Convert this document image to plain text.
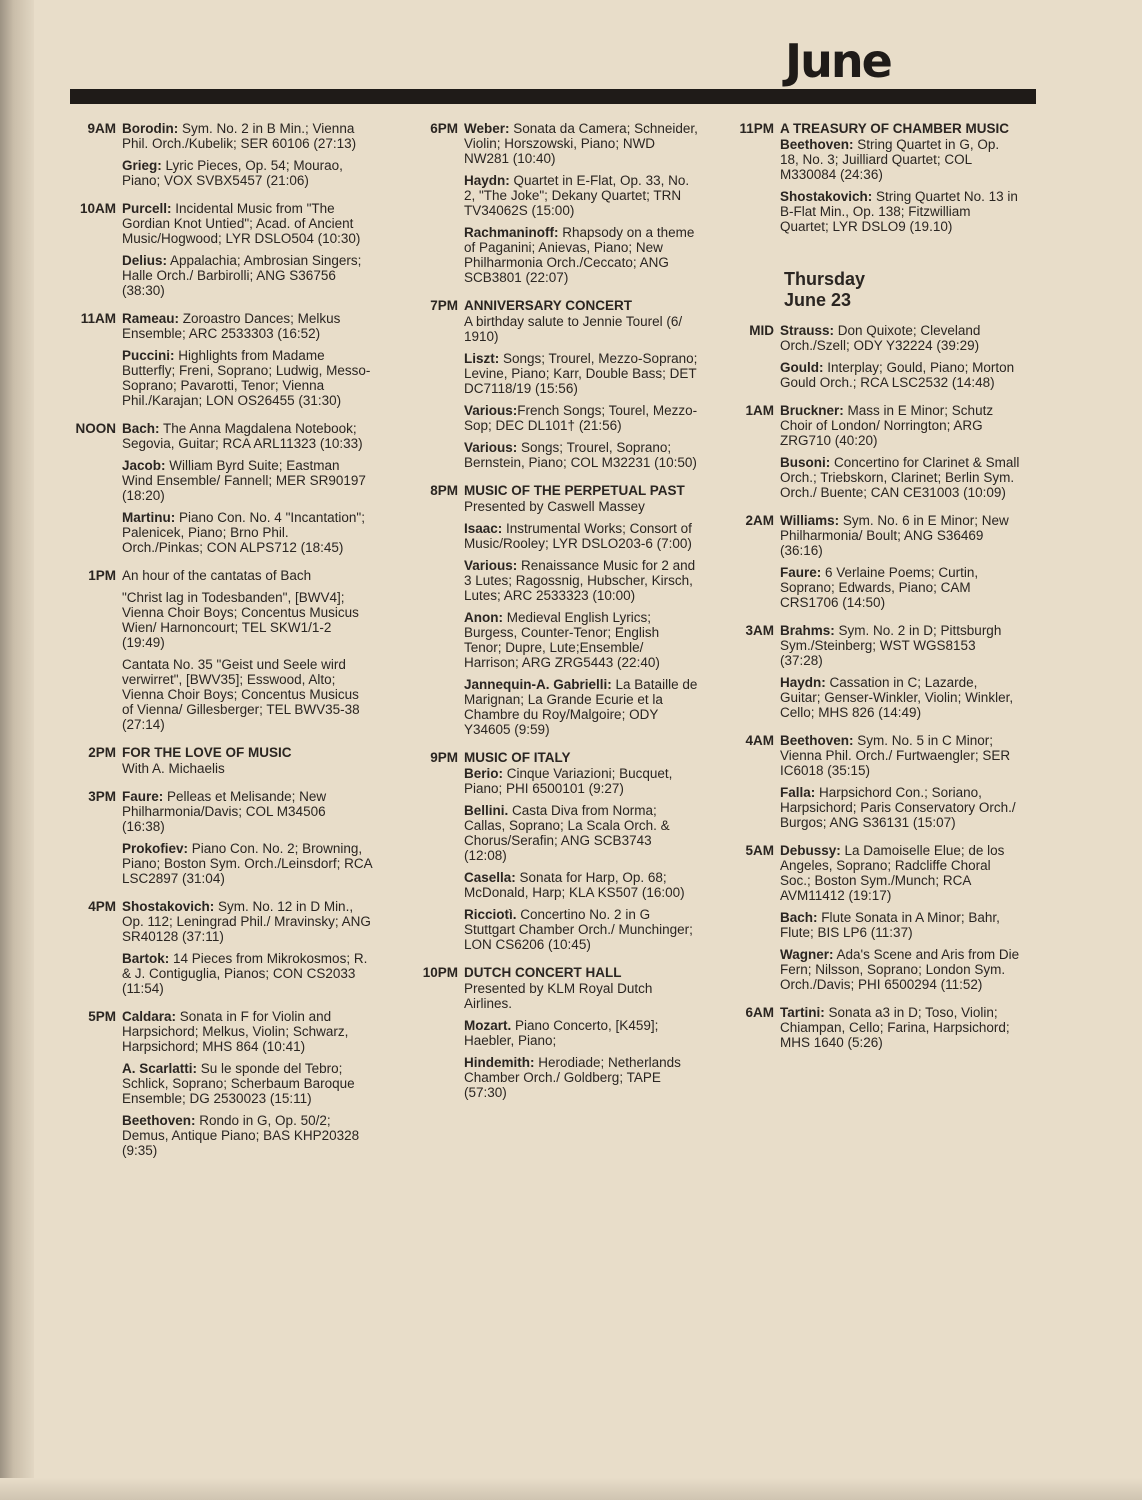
June
9AM Borodin: Sym. No. 2 in B Min.; Vienna Phil. Orch./Kubelik; SER 60106 (27:13)
Grieg: Lyric Pieces, Op. 54; Mourao, Piano; VOX SVBX5457 (21:06)
10AM Purcell: Incidental Music from "The Gordian Knot Untied"; Acad. of Ancient Music/Hogwood; LYR DSLO504 (10:30)
Delius: Appalachia; Ambrosian Singers; Halle Orch./ Barbirolli; ANG S36756 (38:30)
11AM Rameau: Zoroastro Dances; Melkus Ensemble; ARC 2533303 (16:52)
Puccini: Highlights from Madame Butterfly; Freni, Soprano; Ludwig, Messo-Soprano; Pavarotti, Tenor; Vienna Phil./Karajan; LON OS26455 (31:30)
NOON Bach: The Anna Magdalena Notebook; Segovia, Guitar; RCA ARL11323 (10:33)
Jacob: William Byrd Suite; Eastman Wind Ensemble/ Fannell; MER SR90197 (18:20)
Martinu: Piano Con. No. 4 "Incantation"; Palenicek, Piano; Brno Phil. Orch./Pinkas; CON ALPS712 (18:45)
1PM An hour of the cantatas of Bach
"Christ lag in Todesbanden", [BWV4]; Vienna Choir Boys; Concentus Musicus Wien/ Harnoncourt; TEL SKW1/1-2 (19:49)
Cantata No. 35 "Geist und Seele wird verwirret", [BWV35]; Esswood, Alto; Vienna Choir Boys; Concentus Musicus of Vienna/ Gillesberger; TEL BWV35-38 (27:14)
2PM FOR THE LOVE OF MUSIC
With A. Michaelis
3PM Faure: Pelleas et Melisande; New Philharmonia/Davis; COL M34506 (16:38)
Prokofiev: Piano Con. No. 2; Browning, Piano; Boston Sym. Orch./Leinsdorf; RCA LSC2897 (31:04)
4PM Shostakovich: Sym. No. 12 in D Min., Op. 112; Leningrad Phil./ Mravinsky; ANG SR40128 (37:11)
Bartok: 14 Pieces from Mikrokosmos; R. & J. Contiguglia, Pianos; CON CS2033 (11:54)
5PM Caldara: Sonata in F for Violin and Harpsichord; Melkus, Violin; Schwarz, Harpsichord; MHS 864 (10:41)
A. Scarlatti: Su le sponde del Tebro; Schlick, Soprano; Scherbaum Baroque Ensemble; DG 2530023 (15:11)
Beethoven: Rondo in G, Op. 50/2; Demus, Antique Piano; BAS KHP20328 (9:35)
6PM Weber: Sonata da Camera; Schneider, Violin; Horszowski, Piano; NWD NW281 (10:40)
Haydn: Quartet in E-Flat, Op. 33, No. 2, "The Joke"; Dekany Quartet; TRN TV34062S (15:00)
Rachmaninoff: Rhapsody on a theme of Paganini; Anievas, Piano; New Philharmonia Orch./Ceccato; ANG SCB3801 (22:07)
7PM ANNIVERSARY CONCERT
A birthday salute to Jennie Tourel (6/ 1910)
Liszt: Songs; Trourel, Mezzo-Soprano; Levine, Piano; Karr, Double Bass; DET DC7118/19 (15:56)
Various:French Songs; Tourel, Mezzo-Sop; DEC DL101† (21:56)
Various: Songs; Trourel, Soprano; Bernstein, Piano; COL M32231 (10:50)
8PM MUSIC OF THE PERPETUAL PAST
Presented by Caswell Massey
Isaac: Instrumental Works; Consort of Music/Rooley; LYR DSLO203-6 (7:00)
Various: Renaissance Music for 2 and 3 Lutes; Ragossnig, Hubscher, Kirsch, Lutes; ARC 2533323 (10:00)
Anon: Medieval English Lyrics; Burgess, Counter-Tenor; English Tenor; Dupre, Lute;Ensemble/ Harrison; ARG ZRG5443 (22:40)
Jannequin-A. Gabrielli: La Bataille de Marignan; La Grande Ecurie et la Chambre du Roy/Malgoire; ODY Y34605 (9:59)
9PM MUSIC OF ITALY
Berio: Cinque Variazioni; Bucquet, Piano; PHI 6500101 (9:27)
Bellini. Casta Diva from Norma; Callas, Soprano; La Scala Orch. & Chorus/Serafin; ANG SCB3743 (12:08)
Casella: Sonata for Harp, Op. 68; McDonald, Harp; KLA KS507 (16:00)
Ricciotì. Concertino No. 2 in G Stuttgart Chamber Orch./ Munchinger; LON CS6206 (10:45)
10PM DUTCH CONCERT HALL
Presented by KLM Royal Dutch Airlines.
Mozart. Piano Concerto, [K459]; Haebler, Piano;
Hindemith: Herodiade; Netherlands Chamber Orch./ Goldberg; TAPE (57:30)
11PM A TREASURY OF CHAMBER MUSIC
Beethoven: String Quartet in G, Op. 18, No. 3; Juilliard Quartet; COL M330084 (24:36)
Shostakovich: String Quartet No. 13 in B-Flat Min., Op. 138; Fitzwilliam Quartet; LYR DSLO9 (19.10)
Thursday
June 23
MID Strauss: Don Quixote; Cleveland Orch./Szell; ODY Y32224 (39:29)
Gould: Interplay; Gould, Piano; Morton Gould Orch.; RCA LSC2532 (14:48)
1AM Bruckner: Mass in E Minor; Schutz Choir of London/ Norrington; ARG ZRG710 (40:20)
Busoni: Concertino for Clarinet & Small Orch.; Triebskorn, Clarinet; Berlin Sym. Orch./ Buente; CAN CE31003 (10:09)
2AM Williams: Sym. No. 6 in E Minor; New Philharmonia/ Boult; ANG S36469 (36:16)
Faure: 6 Verlaine Poems; Curtin, Soprano; Edwards, Piano; CAM CRS1706 (14:50)
3AM Brahms: Sym. No. 2 in D; Pittsburgh Sym./Steinberg; WST WGS8153 (37:28)
Haydn: Cassation in C; Lazarde, Guitar; Genser-Winkler, Violin; Winkler, Cello; MHS 826 (14:49)
4AM Beethoven: Sym. No. 5 in C Minor; Vienna Phil. Orch./ Furtwaengler; SER IC6018 (35:15)
Falla: Harpsichord Con.; Soriano, Harpsichord; Paris Conservatory Orch./ Burgos; ANG S36131 (15:07)
5AM Debussy: La Damoiselle Elue; de los Angeles, Soprano; Radcliffe Choral Soc.; Boston Sym./Munch; RCA AVM11412 (19:17)
Bach: Flute Sonata in A Minor; Bahr, Flute; BIS LP6 (11:37)
Wagner: Ada's Scene and Aris from Die Fern; Nilsson, Soprano; London Sym. Orch./Davis; PHI 6500294 (11:52)
6AM Tartini: Sonata a3 in D; Toso, Violin; Chiampan, Cello; Farina, Harpsichord; MHS 1640 (5:26)
